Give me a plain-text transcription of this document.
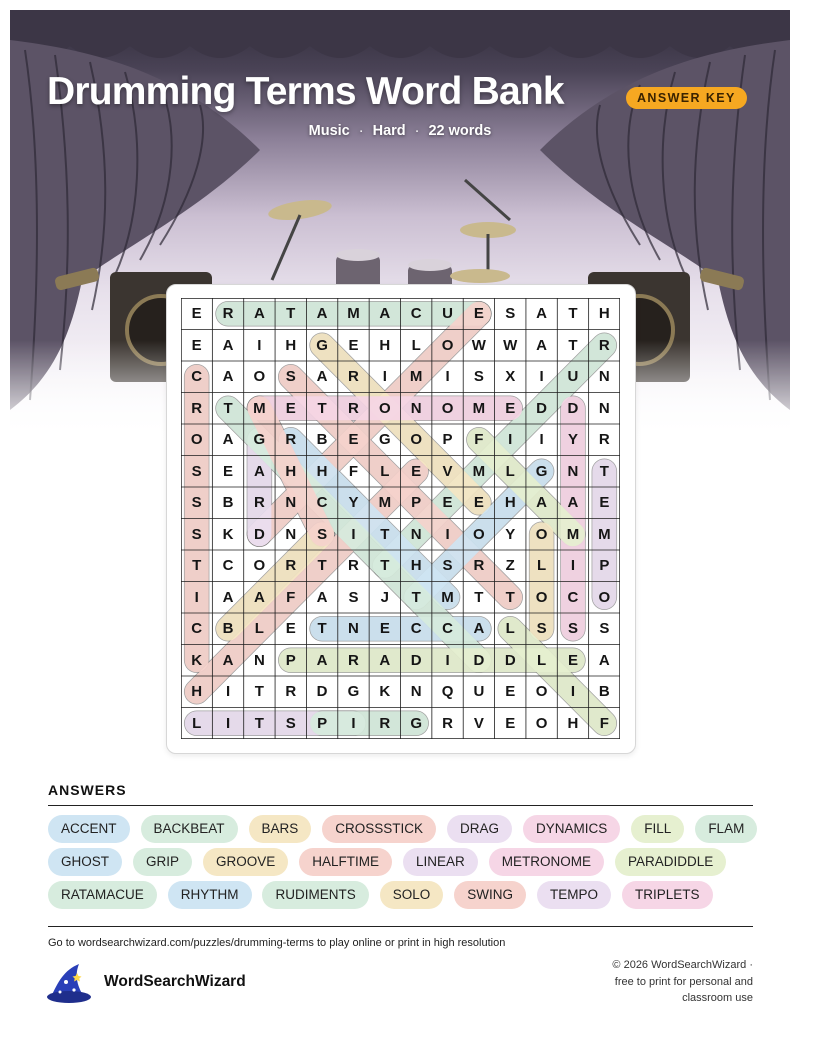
Drumming Terms Word Bank	ANSWER KEY
Music · Hard · 22 words
E	R	A	T	A	M	A	C	U	E	S	A	T	H
E	A	I	H	G	E	H	L	O	W	W	A	T	R
C	A	O	S	A	R	I	M	I	S	X	I	U	N
R	T	M	E	T	R	O	N	O	M	E	D	D	N
O	A	G	R	B	E	G	O	P	F	I	I	Y	R
S	E	A	H	H	F	L	E	V	M	L	G	N	T
S	B	R	N	C	Y	M	P	E	E	H	A	A	E
S	K	D	N	S	I	T	N	I	O	Y	O	M	M
T	C	O	R	T	R	T	H	S	R	Z	L	I	P
I	A	A	F	A	S	J	T	M	T	T	O	C	O
C	B	L	E	T	N	E	C	C	A	L	S	S	S
K	A	N	P	A	R	A	D	I	D	D	L	E	A
H	I	T	R	D	G	K	N	Q	U	E	O	I	B
L	I	T	S	P	I	R	G	R	V	E	O	H	F
ANSWERS
ACCENT	BACKBEAT	BARS	CROSSSTICK	DRAG	DYNAMICS	FILL	FLAM
GHOST	GRIP	GROOVE	HALFTIME	LINEAR	METRONOME	PARADIDDLE
RATAMACUE	RHYTHM	RUDIMENTS	SOLO	SWING	TEMPO	TRIPLETS
Go to wordsearchwizard.com/puzzles/drumming-terms to play online or print in high resolution
WordSearchWizard
© 2026 WordSearchWizard ·
free to print for personal and
classroom use
